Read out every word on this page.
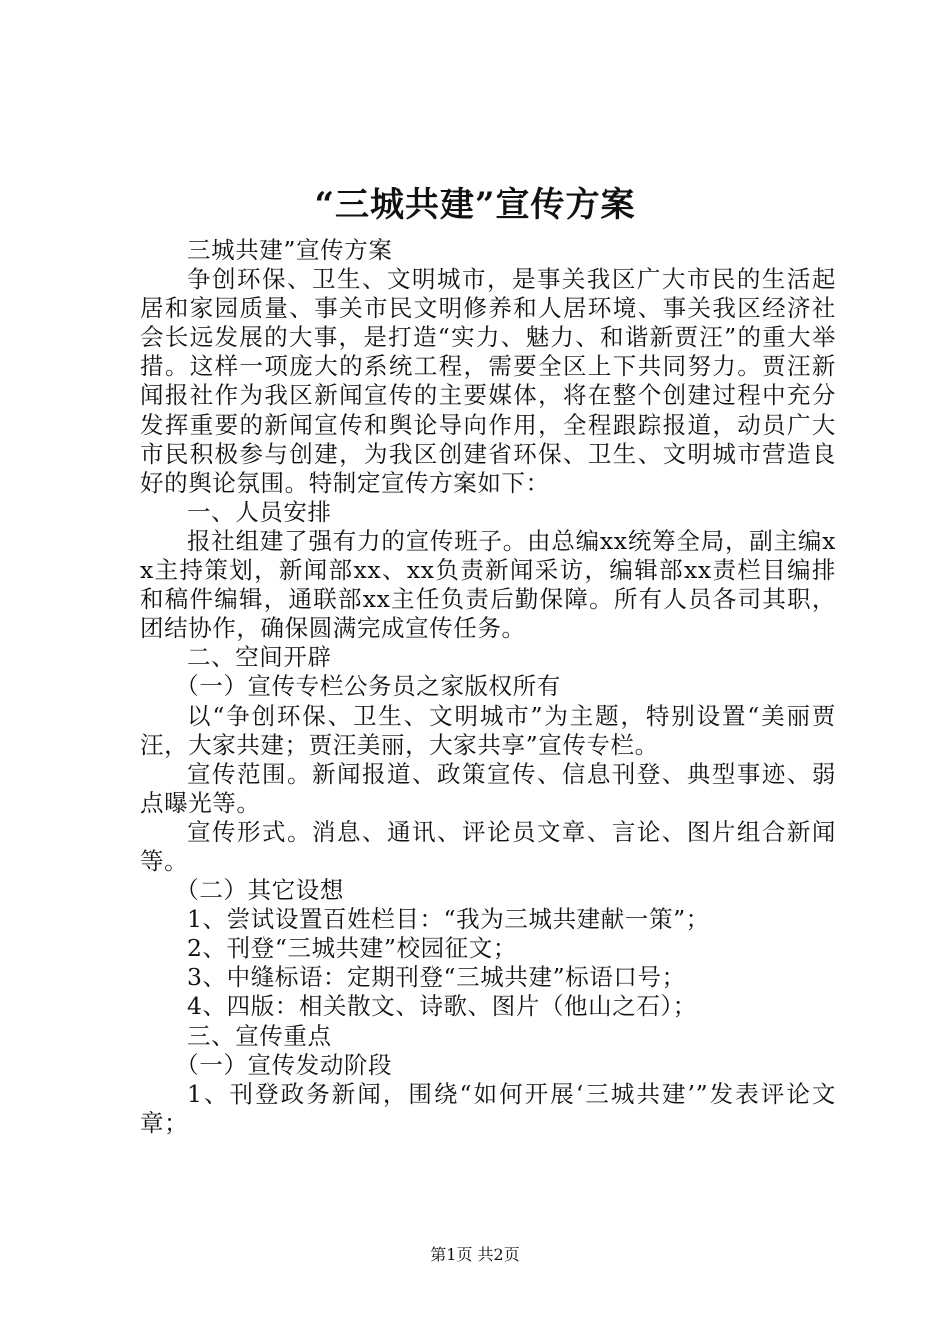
“三城共建”宣传方案

三城共建”宣传方案

争创环保、卫生、文明城市，是事关我区广大市民的生活起居和家园质量、事关市民文明修养和人居环境、事关我区经济社会长远发展的大事，是打造“实力、魅力、和谐新贾汪”的重大举措。这样一项庞大的系统工程，需要全区上下共同努力。贾汪新闻报社作为我区新闻宣传的主要媒体，将在整个创建过程中充分发挥重要的新闻宣传和舆论导向作用，全程跟踪报道，动员广大市民积极参与创建，为我区创建省环保、卫生、文明城市营造良好的舆论氛围。特制定宣传方案如下：

一、人员安排

报社组建了强有力的宣传班子。由总编xx统筹全局，副主编xx主持策划，新闻部xx、xx负责新闻采访，编辑部xx责栏目编排和稿件编辑，通联部xx主任负责后勤保障。所有人员各司其职，团结协作，确保圆满完成宣传任务。

二、空间开辟

（一）宣传专栏公务员之家版权所有

以“争创环保、卫生、文明城市”为主题，特别设置“美丽贾汪，大家共建；贾汪美丽，大家共享”宣传专栏。

宣传范围。新闻报道、政策宣传、信息刊登、典型事迹、弱点曝光等。

宣传形式。消息、通讯、评论员文章、言论、图片组合新闻等。

（二）其它设想

1、尝试设置百姓栏目：“我为三城共建献一策”；

2、刊登“三城共建”校园征文；

3、中缝标语：定期刊登“三城共建”标语口号；

4、四版：相关散文、诗歌、图片（他山之石）；

三、宣传重点

（一）宣传发动阶段

1、刊登政务新闻，围绕“如何开展‘三城共建’”发表评论文章；

第1页 共2页
